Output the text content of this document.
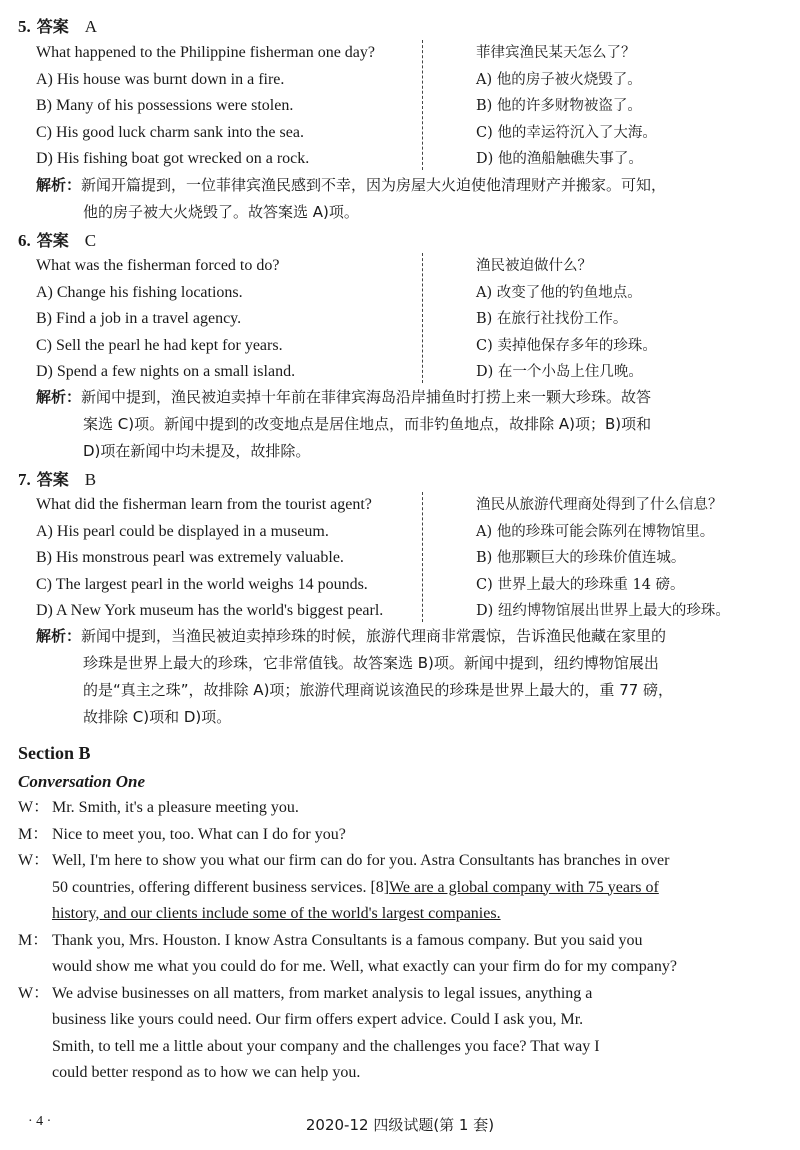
5. 答案 A
What happened to the Philippine fisherman one day?	菲律宾渔民某天怎么了？
A) His house was burnt down in a fire.	A) 他的房子被火烧毁了。
B) Many of his possessions were stolen.	B) 他的许多财物被盗了。
C) His good luck charm sank into the sea.	C) 他的幸运符沉入了大海。
D) His fishing boat got wrecked on a rock.	D) 他的渔船触礁失事了。
解析：新闻开篇提到，一位菲律宾渔民感到不幸，因为房屋大火迫使他清理财产并搬家。可知，
他的房子被大火烧毁了。故答案选 A)项。
6. 答案 C
What was the fisherman forced to do?	渔民被迫做什么？
A) Change his fishing locations.	A) 改变了他的钓鱼地点。
B) Find a job in a travel agency.	B) 在旅行社找份工作。
C) Sell the pearl he had kept for years.	C) 卖掉他保存多年的珍珠。
D) Spend a few nights on a small island.	D) 在一个小岛上住几晚。
解析：新闻中提到，渔民被迫卖掉十年前在菲律宾海岛沿岸捕鱼时打捞上来一颗大珍珠。故答
案选 C)项。新闻中提到的改变地点是居住地点，而非钓鱼地点，故排除 A)项；B)项和
D)项在新闻中均未提及，故排除。
7. 答案 B
What did the fisherman learn from the tourist agent?	渔民从旅游代理商处得到了什么信息？
A) His pearl could be displayed in a museum.	A) 他的珍珠可能会陈列在博物馆里。
B) His monstrous pearl was extremely valuable.	B) 他那颗巨大的珍珠价值连城。
C) The largest pearl in the world weighs 14 pounds.	C) 世界上最大的珍珠重 14 磅。
D) A New York museum has the world's biggest pearl.	D) 纽约博物馆展出世界上最大的珍珠。
解析：新闻中提到，当渔民被迫卖掉珍珠的时候，旅游代理商非常震惊，告诉渔民他藏在家里的
珍珠是世界上最大的珍珠，它非常值钱。故答案选 B)项。新闻中提到，纽约博物馆展出
的是“真主之珠”，故排除 A)项；旅游代理商说该渔民的珍珠是世界上最大的，重 77 磅，
故排除 C)项和 D)项。
Section B
Conversation One
W： Mr. Smith, it's a pleasure meeting you.
M： Nice to meet you, too. What can I do for you?
W： Well, I'm here to show you what our firm can do for you. Astra Consultants has branches in over
50 countries, offering different business services. [8]We are a global company with 75 years of
history, and our clients include some of the world's largest companies.
M： Thank you, Mrs. Houston. I know Astra Consultants is a famous company. But you said you
would show me what you could do for me. Well, what exactly can your firm do for my company?
W： We advise businesses on all matters, from market analysis to legal issues, anything a
business like yours could need. Our firm offers expert advice. Could I ask you, Mr.
Smith, to tell me a little about your company and the challenges you face? That way I
could better respond as to how we can help you.
· 4 ·	2020-12 四级试题(第 1 套)
